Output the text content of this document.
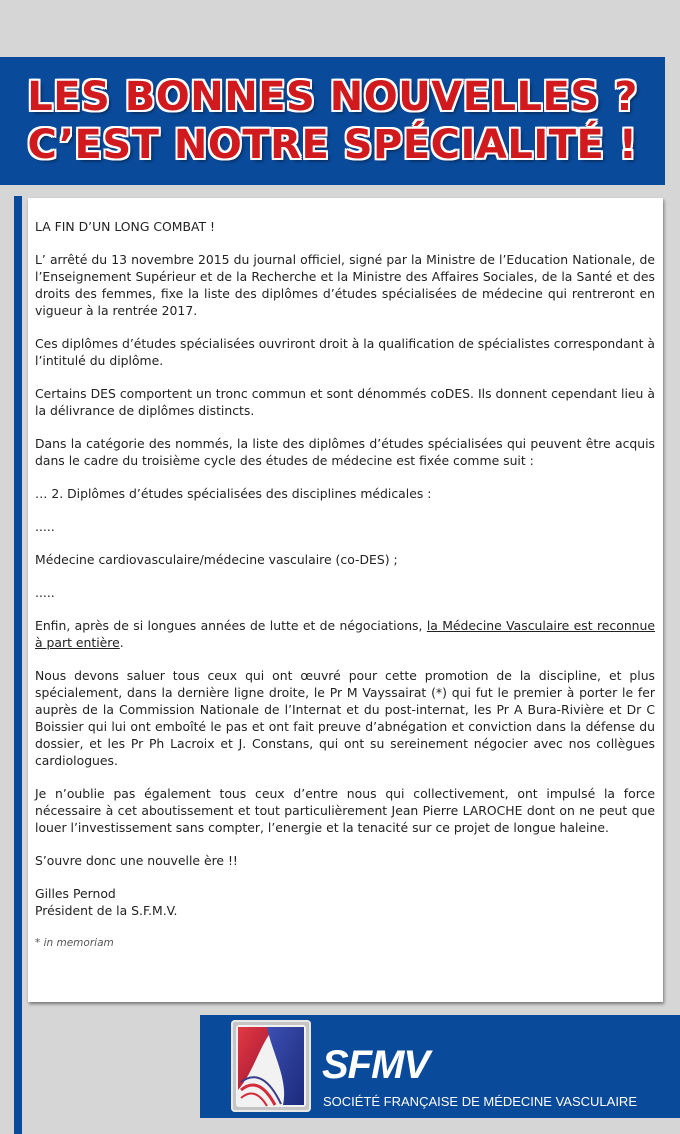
LES BONNES NOUVELLES ?
C’EST NOTRE SPÉCIALITÉ !

LA FIN D’UN LONG COMBAT !

L’ arrêté du 13 novembre 2015 du journal officiel, signé par la Ministre de l’Education Nationale, de l’Enseignement Supérieur et de la Recherche et la Ministre des Affaires Sociales, de la Santé et des droits des femmes, fixe la liste des diplômes d’études spécialisées de médecine qui rentreront en vigueur à la rentrée 2017.

Ces diplômes d’études spécialisées ouvriront droit à la qualification de spécialistes correspondant à l’intitulé du diplôme.

Certains DES comportent un tronc commun et sont dénommés coDES. Ils donnent cependant lieu à la délivrance de diplômes distincts.

Dans la catégorie des nommés, la liste des diplômes d’études spécialisées qui peuvent être acquis dans le cadre du troisième cycle des études de médecine est fixée comme suit :

… 2. Diplômes d’études spécialisées des disciplines médicales :

.....

Médecine cardiovasculaire/médecine vasculaire (co-DES) ;

.....

Enfin, après de si longues années de lutte et de négociations, la Médecine Vasculaire est reconnue à part entière.

Nous devons saluer tous ceux qui ont œuvré pour cette promotion de la discipline, et plus spécialement, dans la dernière ligne droite, le Pr M Vayssairat (*) qui fut le premier à porter le fer auprès de la Commission Nationale de l’Internat et du post-internat, les Pr A Bura-Rivière et Dr C Boissier qui lui ont emboîté le pas et ont fait preuve d’abnégation et conviction dans la défense du dossier, et les Pr Ph Lacroix et J. Constans, qui ont su sereinement négocier avec nos collègues cardiologues.

Je n’oublie pas également tous ceux d’entre nous qui collectivement, ont impulsé la force nécessaire à cet aboutissement et tout particulièrement Jean Pierre LAROCHE dont on ne peut que louer l’investissement sans compter, l’energie et la tenacité sur ce projet de longue haleine.

S’ouvre donc une nouvelle ère !!

Gilles Pernod
Président de la S.F.M.V.

* in memoriam

SFMV
SOCIÉTÉ FRANÇAISE DE MÉDECINE VASCULAIRE
